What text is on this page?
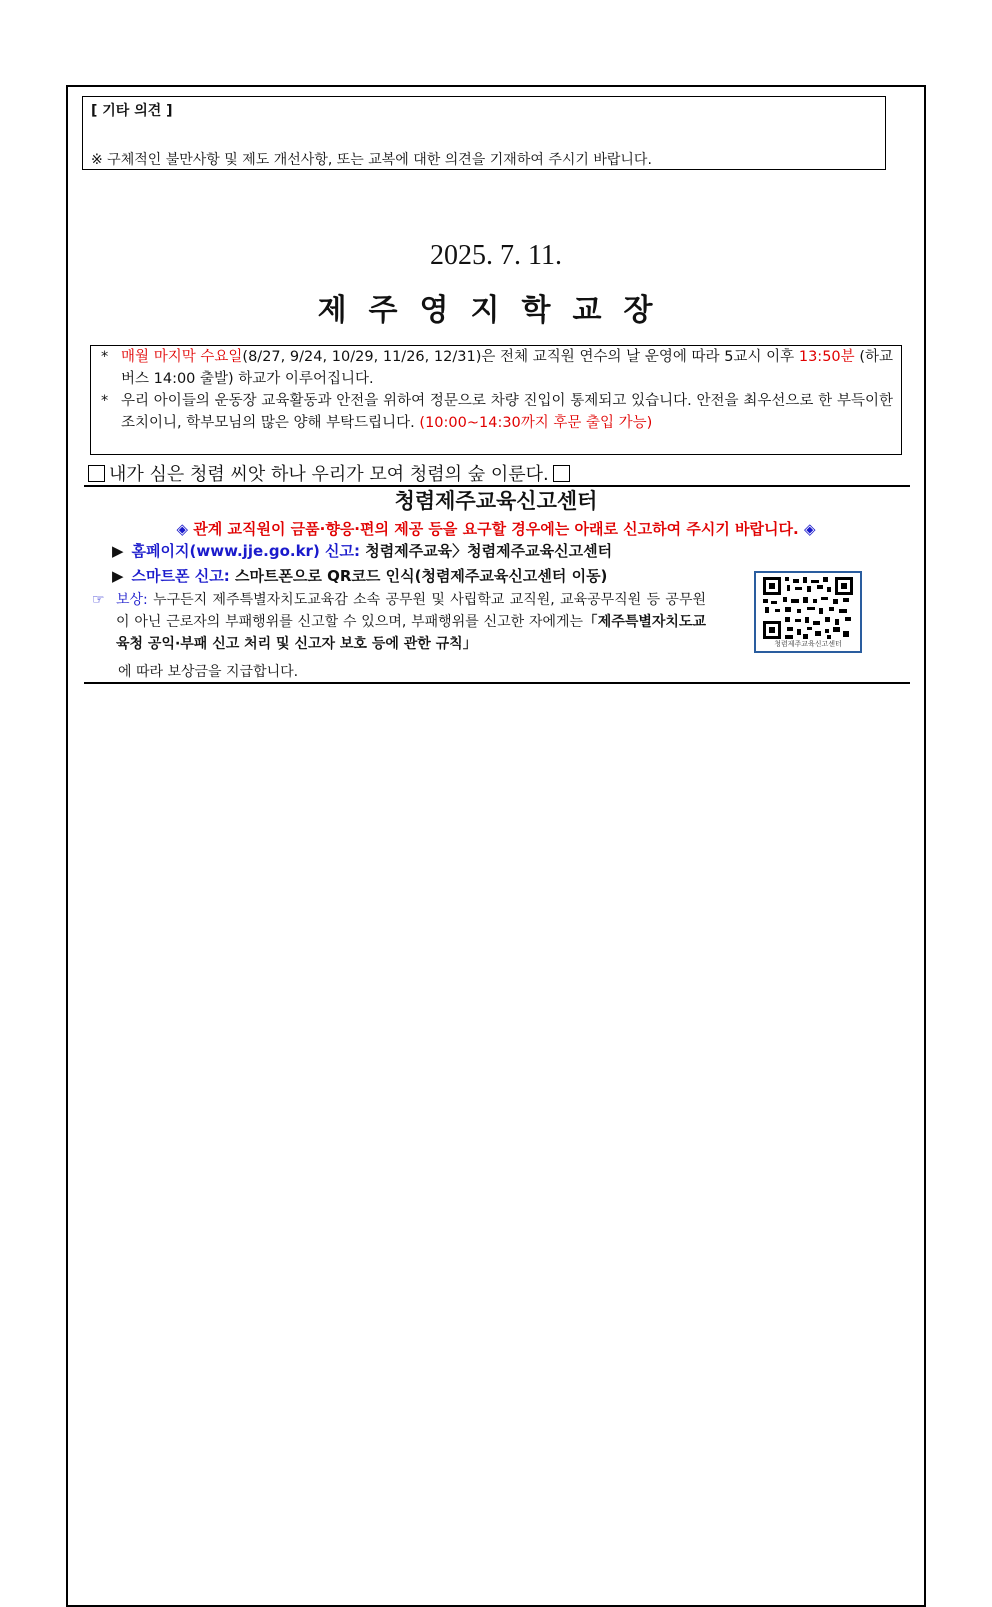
[ 기타 의견 ]
※ 구체적인 불만사항 및 제도 개선사항, 또는 교복에 대한 의견을 기재하여 주시기 바랍니다.
2025. 7. 11.
제주영지학교장
* 매월 마지막 수요일(8/27, 9/24, 10/29, 11/26, 12/31)은 전체 교직원 연수의 날 운영에 따라 5교시 이후 13:50분 (하교 버스 14:00 출발) 하교가 이루어집니다.
* 우리 아이들의 운동장 교육활동과 안전을 위하여 정문으로 차량 진입이 통제되고 있습니다. 안전을 최우선으로 한 부득이한 조치이니, 학부모님의 많은 양해 부탁드립니다. (10:00~14:30까지 후문 출입 가능)
내가 심은 청렴 씨앗 하나 우리가 모여 청렴의 숲 이룬다.
청렴제주교육신고센터
◈ 관계 교직원이 금품·향응·편의 제공 등을 요구할 경우에는 아래로 신고하여 주시기 바랍니다. ◈
▶ 홈페이지(www.jje.go.kr) 신고: 청렴제주교육〉청렴제주교육신고센터
▶ 스마트폰 신고: 스마트폰으로 QR코드 인식(청렴제주교육신고센터 이동)
☞ 보상: 누구든지 제주특별자치도교육감 소속 공무원 및 사립학교 교직원, 교육공무직원 등 공무원이 아닌 근로자의 부패행위를 신고할 수 있으며, 부패행위를 신고한 자에게는「제주특별자치도교육청 공익·부패 신고 처리 및 신고자 보호 등에 관한 규칙」
에 따라 보상금을 지급합니다.
청렴제주교육신고센터
